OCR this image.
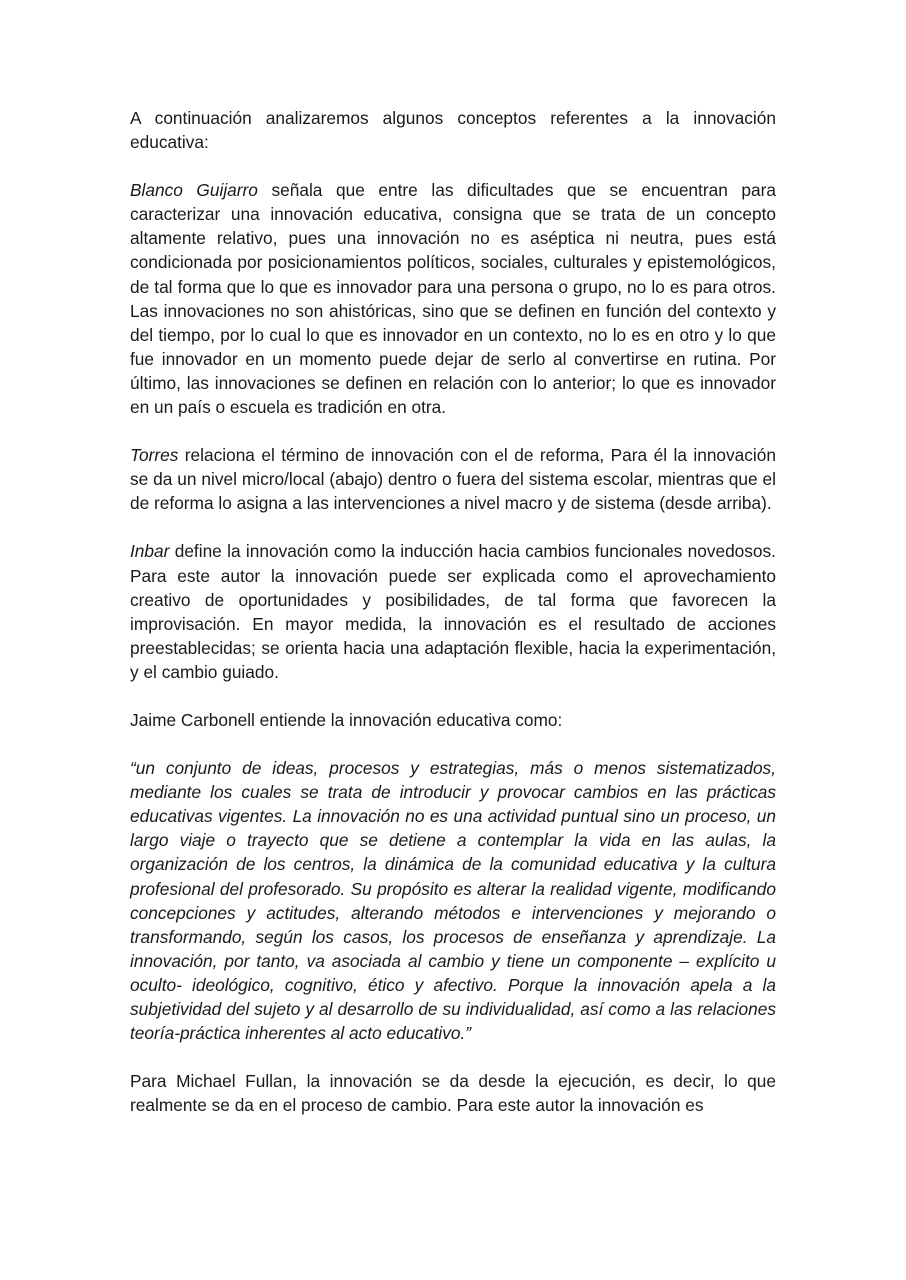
A continuación analizaremos algunos conceptos referentes a la innovación educativa:

Blanco Guijarro señala que entre las dificultades que se encuentran para caracterizar una innovación educativa, consigna que se trata de un concepto altamente relativo, pues una innovación no es aséptica ni neutra, pues está condicionada por posicionamientos políticos, sociales, culturales y epistemológicos, de tal forma que lo que es innovador para una persona o grupo, no lo es para otros. Las innovaciones no son ahistóricas, sino que se definen en función del contexto y del tiempo, por lo cual lo que es innovador en un contexto, no lo es en otro y lo que fue innovador en un momento puede dejar de serlo al convertirse en rutina. Por último, las innovaciones se definen en relación con lo anterior; lo que es innovador en un país o escuela es tradición en otra.

Torres relaciona el término de innovación con el de reforma, Para él la innovación se da un nivel micro/local (abajo) dentro o fuera del sistema escolar, mientras que el de reforma lo asigna a las intervenciones a nivel macro y de sistema (desde arriba).

Inbar define la innovación como la inducción hacia cambios funcionales novedosos. Para este autor la innovación puede ser explicada como el aprovechamiento creativo de oportunidades y posibilidades, de tal forma que favorecen la improvisación. En mayor medida, la innovación es el resultado de acciones preestablecidas; se orienta hacia una adaptación flexible, hacia la experimentación, y el cambio guiado.

Jaime Carbonell entiende la innovación educativa como:

“un conjunto de ideas, procesos y estrategias, más o menos sistematizados, mediante los cuales se trata de introducir y provocar cambios en las prácticas educativas vigentes. La innovación no es una actividad puntual sino un proceso, un largo viaje o trayecto que se detiene a contemplar la vida en las aulas, la organización de los centros, la dinámica de la comunidad educativa y la cultura profesional del profesorado. Su propósito es alterar la realidad vigente, modificando concepciones y actitudes, alterando métodos e intervenciones y mejorando o transformando, según los casos, los procesos de enseñanza y aprendizaje. La innovación, por tanto, va asociada al cambio y tiene un componente – explícito u oculto- ideológico, cognitivo, ético y afectivo. Porque la innovación apela a la subjetividad del sujeto y al desarrollo de su individualidad, así como a las relaciones teoría-práctica inherentes al acto educativo.”

Para Michael Fullan, la innovación se da desde la ejecución, es decir, lo que realmente se da en el proceso de cambio. Para este autor la innovación es
